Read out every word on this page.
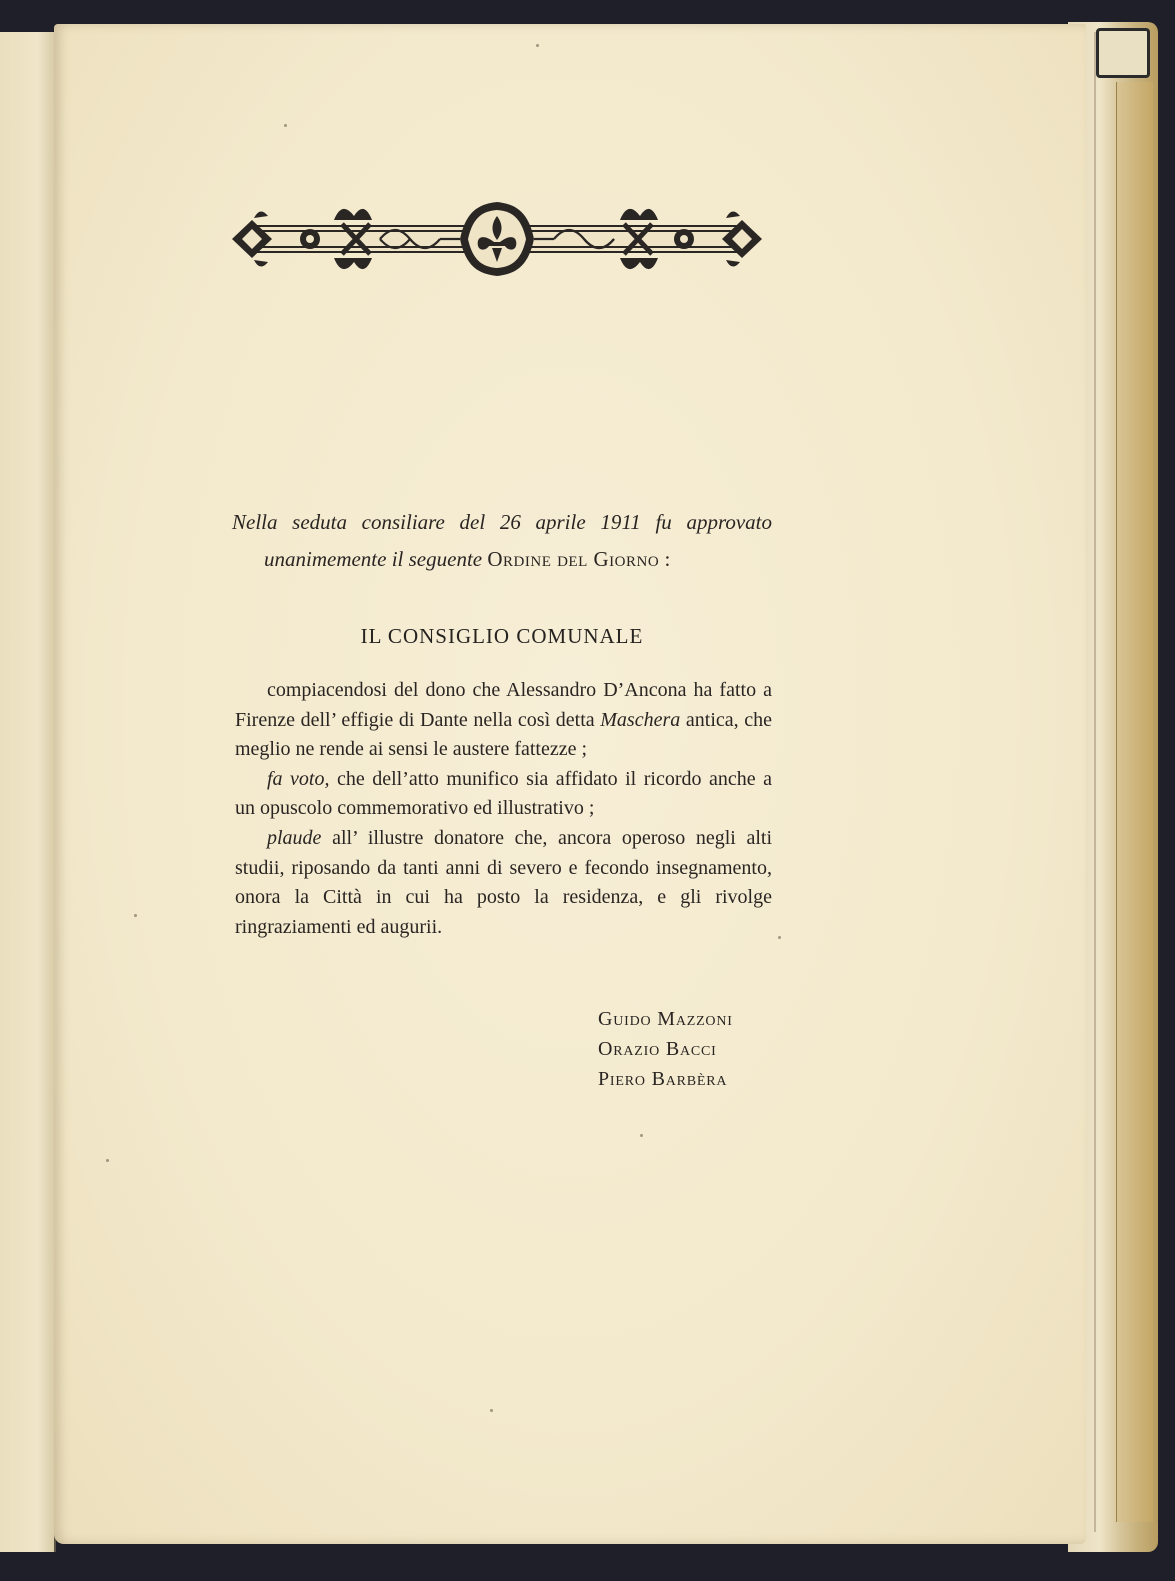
Nella seduta consiliare del 26 aprile 1911 fu approvato
unanimemente il seguente Ordine del Giorno :
IL CONSIGLIO COMUNALE

compiacendosi del dono che Alessandro D’Ancona ha fatto a Firenze dell’ effigie di Dante nella così detta Maschera antica, che meglio ne rende ai sensi le austere fattezze ;

fa voto, che dell’atto munifico sia affidato il ricordo anche a un opuscolo commemorativo ed illustrativo ;

plaude all’ illustre donatore che, ancora operoso negli alti studii, riposando da tanti anni di severo e fecondo insegnamento, onora la Città in cui ha posto la residenza, e gli rivolge ringraziamenti ed augurii.

Guido Mazzoni
Orazio Bacci
Piero Barbèra
